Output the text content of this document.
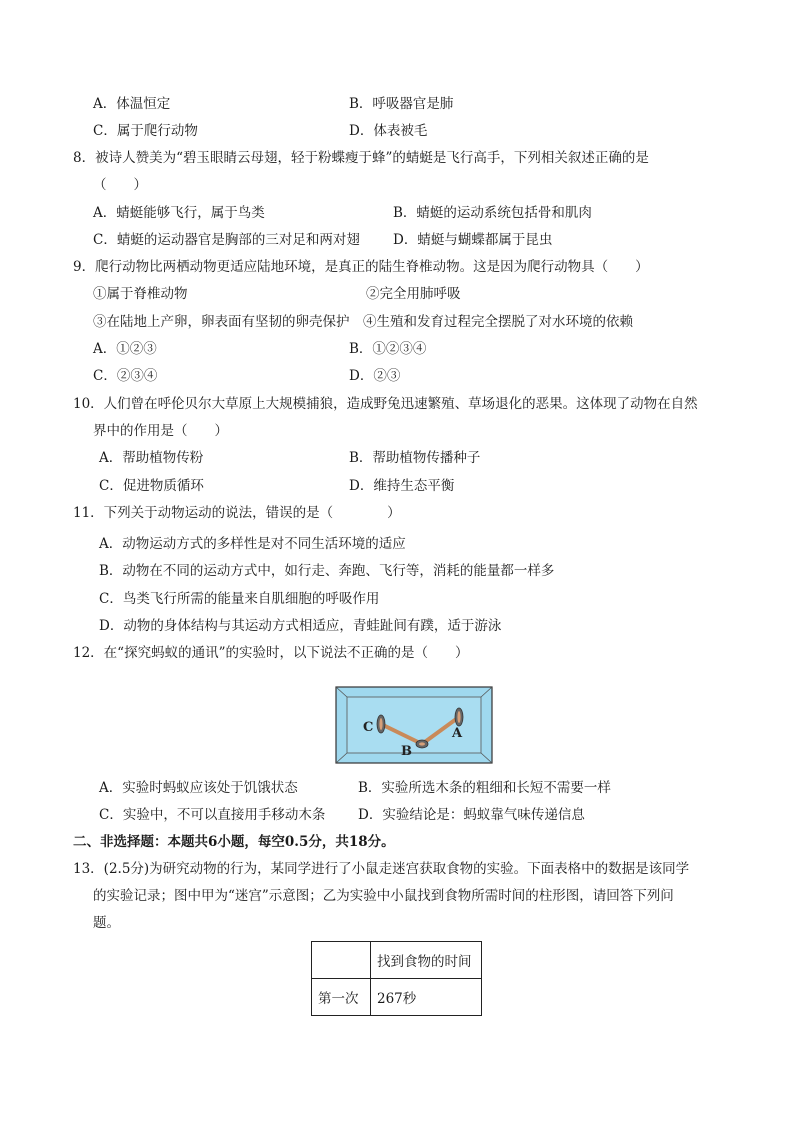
A．体温恒定	B．呼吸器官是肺
C．属于爬行动物	D．体表被毛
8．被诗人赞美为“碧玉眼睛云母翅，轻于粉蝶瘦于蜂”的蜻蜓是飞行高手，下列相关叙述正确的是
（　　）
A．蜻蜓能够飞行，属于鸟类	B．蜻蜓的运动系统包括骨和肌肉
C．蜻蜓的运动器官是胸部的三对足和两对翅 D．蜻蜓与蝴蝶都属于昆虫
9．爬行动物比两栖动物更适应陆地环境，是真正的陆生脊椎动物。这是因为爬行动物具（　　）
①属于脊椎动物	②完全用肺呼吸
③在陆地上产卵，卵表面有坚韧的卵壳保护　④生殖和发育过程完全摆脱了对水环境的依赖
A．①②③	B．①②③④
C．②③④	D．②③
10．人们曾在呼伦贝尔大草原上大规模捕狼，造成野兔迅速繁殖、草场退化的恶果。这体现了动物在自然
界中的作用是（　　）
A．帮助植物传粉	B．帮助植物传播种子
C．促进物质循环	D．维持生态平衡
11．下列关于动物运动的说法，错误的是（　　　　）
A．动物运动方式的多样性是对不同生活环境的适应
B．动物在不同的运动方式中，如行走、奔跑、飞行等，消耗的能量都一样多
C．鸟类飞行所需的能量来自肌细胞的呼吸作用
D．动物的身体结构与其运动方式相适应，青蛙趾间有蹼，适于游泳
12．在“探究蚂蚁的通讯”的实验时，以下说法不正确的是（　　）
C
B
A
A．实验时蚂蚁应该处于饥饿状态	B．实验所选木条的粗细和长短不需要一样
C．实验中，不可以直接用手移动木条 D．实验结论是：蚂蚁靠气味传递信息
二、非选择题：本题共6小题，每空0.5分，共18分。
13．(2.5分)为研究动物的行为，某同学进行了小鼠走迷宫获取食物的实验。下面表格中的数据是该同学
的实验记录；图中甲为“迷宫”示意图；乙为实验中小鼠找到食物所需时间的柱形图，请回答下列问
题。
	找到食物的时间
第一次	267秒
